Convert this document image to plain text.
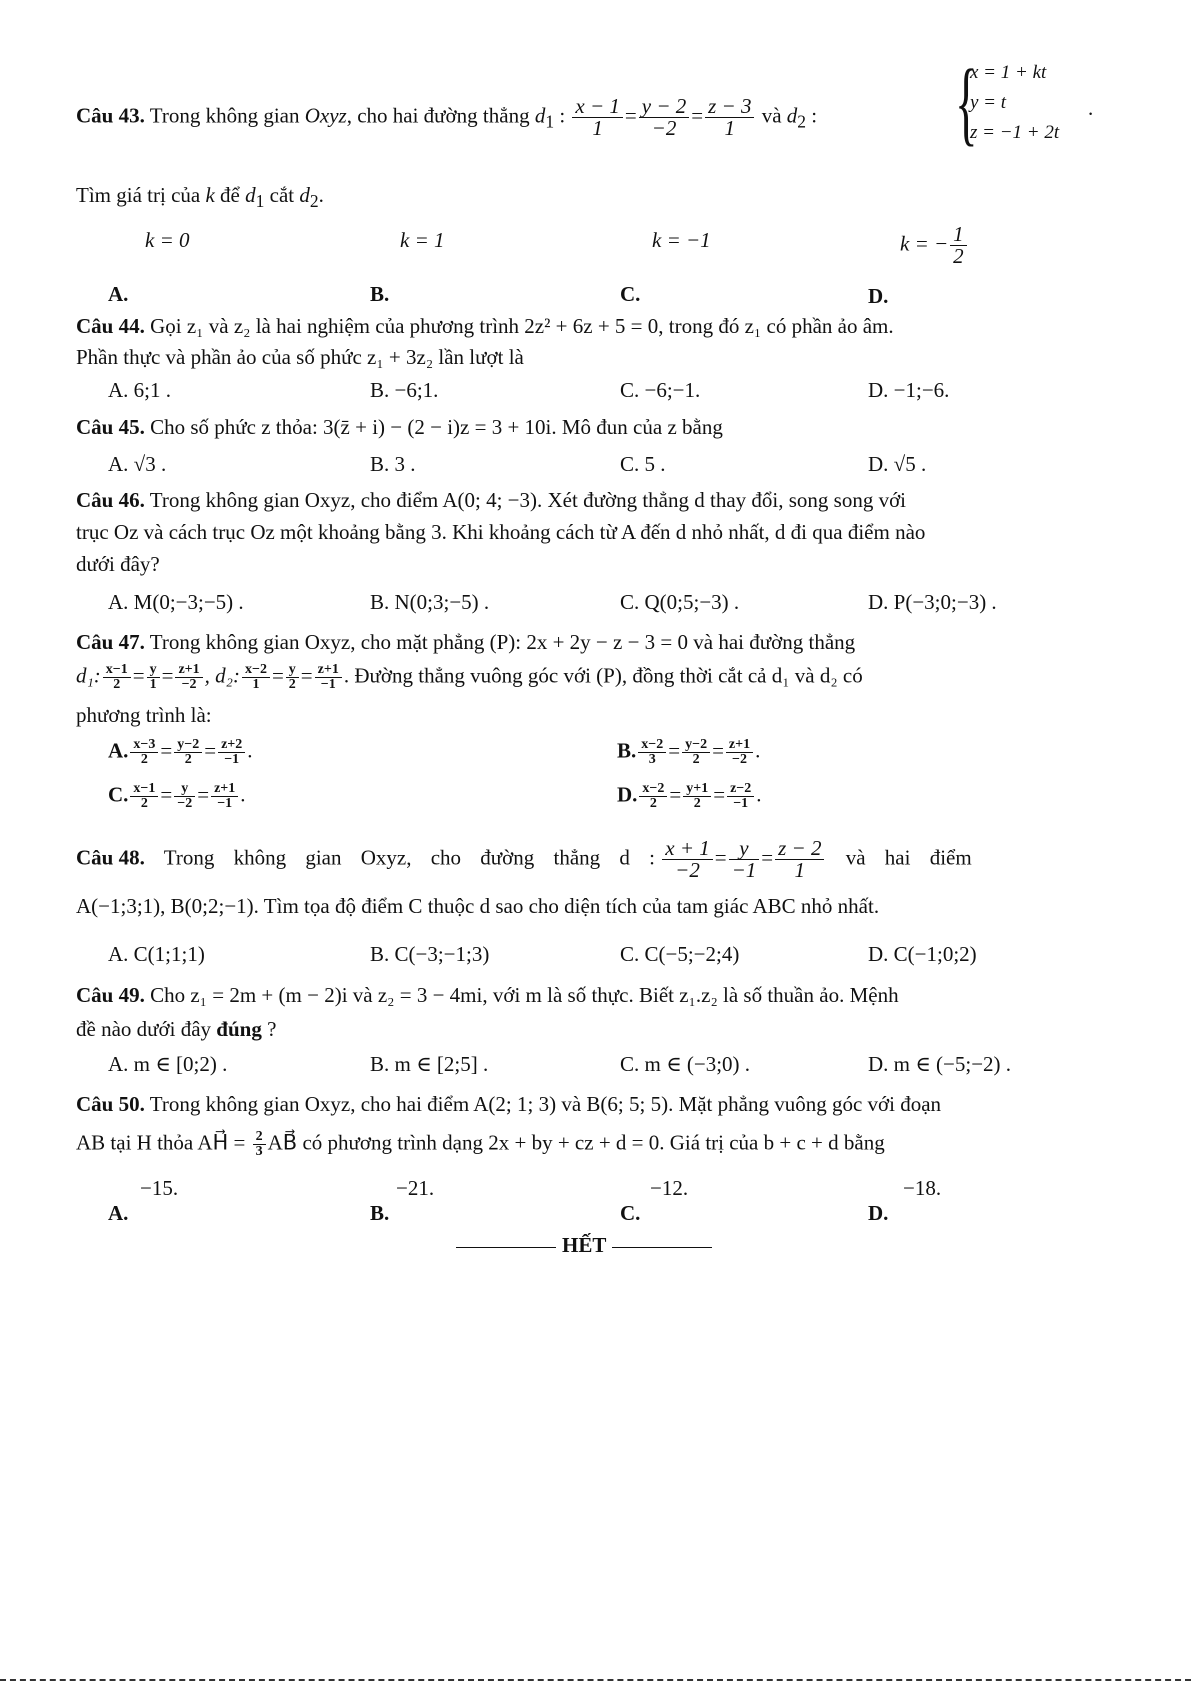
Câu 43. Trong không gian Oxyz, cho hai đường thẳng $d_1$ : $\frac{x - 1}{1} = \frac{y - 2}{-2} = \frac{z - 3}{1}$ và $d_2$ : {
x = 1 + kt
y = t
z = −1 + 2t
.
Tìm giá trị của k để $d_1$ cắt $d_2$.
k = 0	k = 1	k = −1	k = − $\frac{1}{2}$
A.	B.	C.	D.
Câu 44. Gọi z₁ và z₂ là hai nghiệm của phương trình 2z² + 6z + 5 = 0, trong đó z₁ có phần ảo âm.
Phần thực và phần ảo của số phức z₁ + 3z₂ lần lượt là
A. 6;1 .	B. −6;1.	C. −6;−1.	D. −1;−6.
Câu 45. Cho số phức z thỏa: 3(z̄ + i) − (2 − i)z = 3 + 10i. Mô đun của z bằng
A. √3 .	B. 3 .	C. 5 .	D. √5 .
Câu 46. Trong không gian Oxyz, cho điểm A(0; 4; −3). Xét đường thẳng d thay đổi, song song với
trục Oz và cách trục Oz một khoảng bằng 3. Khi khoảng cách từ A đến d nhỏ nhất, d đi qua điểm nào
dưới đây?
A. M(0;−3;−5) .	B. N(0;3;−5) .	C. Q(0;5;−3) .	D. P(−3;0;−3) .
Câu 47. Trong không gian Oxyz, cho mặt phẳng (P): 2x + 2y − z − 3 = 0 và hai đường thẳng
d₁: $\frac{x-1}{2} = \frac{y}{1} = \frac{z+1}{-2}$ , d₂: $\frac{x-2}{1} = \frac{y}{2} = \frac{z+1}{-1}$ . Đường thẳng vuông góc với (P), đồng thời cắt cả d₁ và d₂ có
phương trình là:
A. $\frac{x-3}{2} = \frac{y-2}{2} = \frac{z+2}{-1}$ .	B. $\frac{x-2}{3} = \frac{y-2}{2} = \frac{z+1}{-2}$ .
C. $\frac{x-1}{2} = \frac{y}{-2} = \frac{z+1}{-1}$ .	D. $\frac{x-2}{2} = \frac{y+1}{2} = \frac{z-2}{-1}$ .
Câu 48. Trong không gian Oxyz, cho đường thẳng d : $\frac{x + 1}{-2} = \frac{y}{-1} = \frac{z - 2}{1}$ và hai điểm
A(−1;3;1), B(0;2;−1). Tìm tọa độ điểm C thuộc d sao cho diện tích của tam giác ABC nhỏ nhất.
A. C(1;1;1)	B. C(−3;−1;3)	C. C(−5;−2;4)	D. C(−1;0;2)
Câu 49. Cho z₁ = 2m + (m − 2)i và z₂ = 3 − 4mi, với m là số thực. Biết z₁.z₂ là số thuần ảo. Mệnh
đề nào dưới đây đúng ?
A. m ∈ [0;2) .	B. m ∈ [2;5] .	C. m ∈ (−3;0) .	D. m ∈ (−5;−2) .
Câu 50. Trong không gian Oxyz, cho hai điểm A(2; 1; 3) và B(6; 5; 5). Mặt phẳng vuông góc với đoạn
AB tại H thỏa AH⃗ = $\frac{2}{3}$ AB⃗ có phương trình dạng 2x + by + cz + d = 0. Giá trị của b + c + d bằng
−15.	−21.	−12.	−18.
A.	B.	C.	D.
HẾT
